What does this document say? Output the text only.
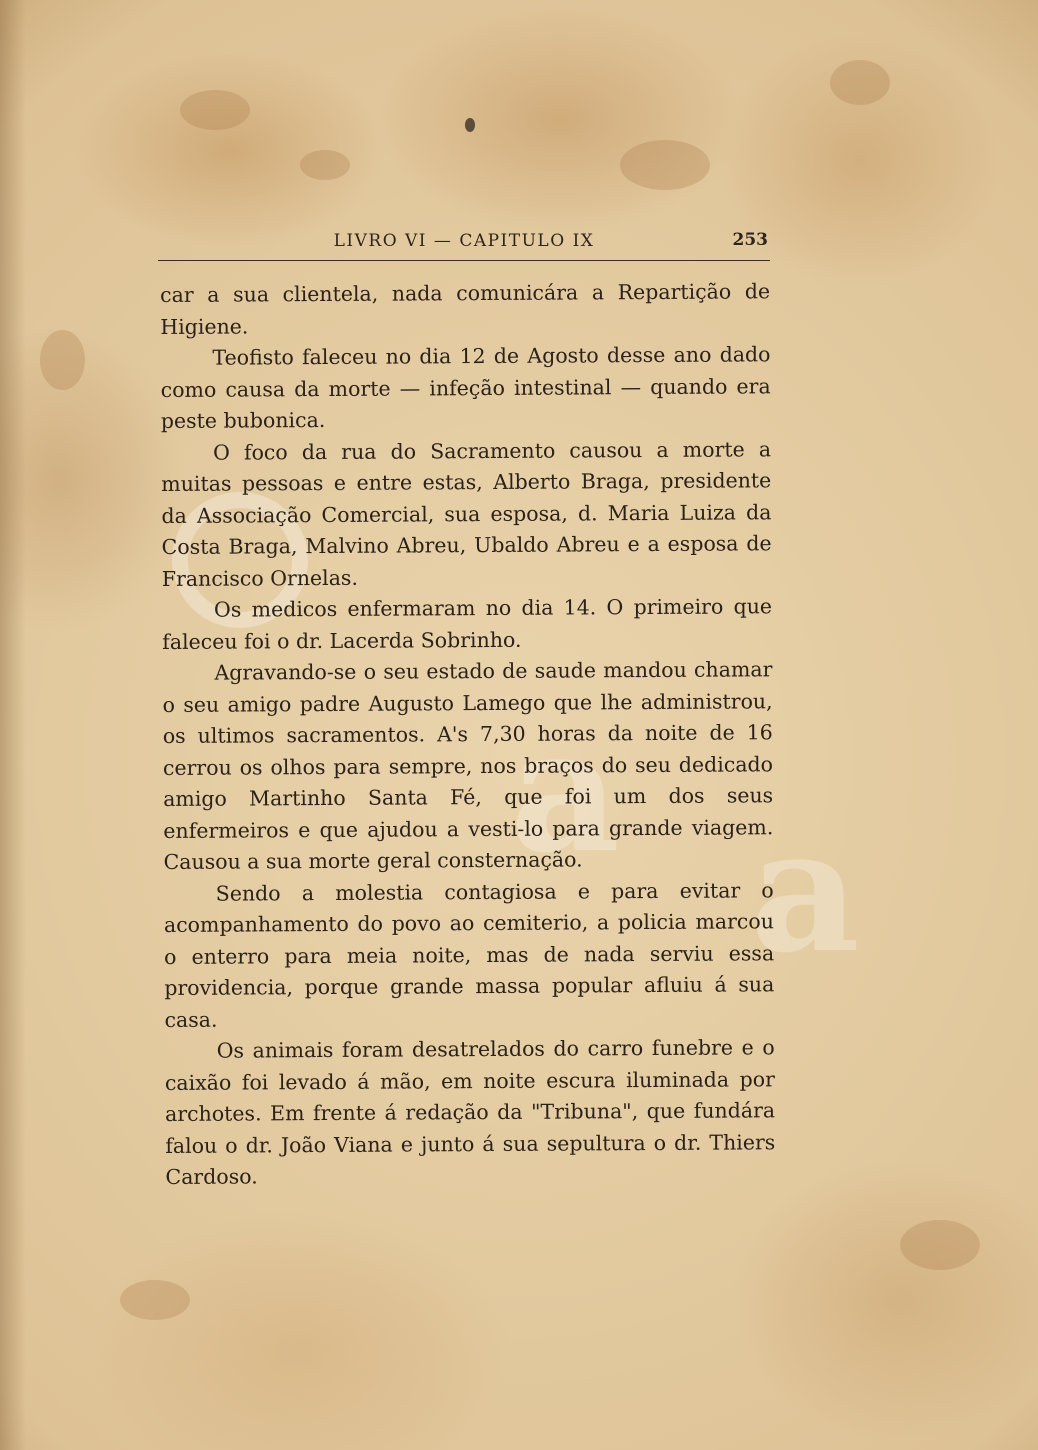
a a
LIVRO VI — CAPITULO IX	253

car a sua clientela, nada comunicára a Repartição de Higiene.

Teofisto faleceu no dia 12 de Agosto desse ano dado como causa da morte — infeção intestinal — quando era peste bubonica.

O foco da rua do Sacramento causou a morte a muitas pessoas e entre estas, Alberto Braga, presidente da Associação Comercial, sua esposa, d. Maria Luiza da Costa Braga, Malvino Abreu, Ubaldo Abreu e a esposa de Francisco Ornelas.

Os medicos enfermaram no dia 14. O primeiro que faleceu foi o dr. Lacerda Sobrinho.

Agravando-se o seu estado de saude mandou chamar o seu amigo padre Augusto Lamego que lhe administrou, os ultimos sacramentos. A's 7,30 horas da noite de 16 cerrou os olhos para sempre, nos braços do seu dedicado amigo Martinho Santa Fé, que foi um dos seus enfermeiros e que ajudou a vesti-lo para grande viagem. Causou a sua morte geral consternação.

Sendo a molestia contagiosa e para evitar o acompanhamento do povo ao cemiterio, a policia marcou o enterro para meia noite, mas de nada serviu essa providencia, porque grande massa popular afluiu á sua casa.

Os animais foram desatrelados do carro funebre e o caixão foi levado á mão, em noite escura iluminada por archotes. Em frente á redação da "Tribuna", que fundára falou o dr. João Viana e junto á sua sepultura o dr. Thiers Cardoso.
